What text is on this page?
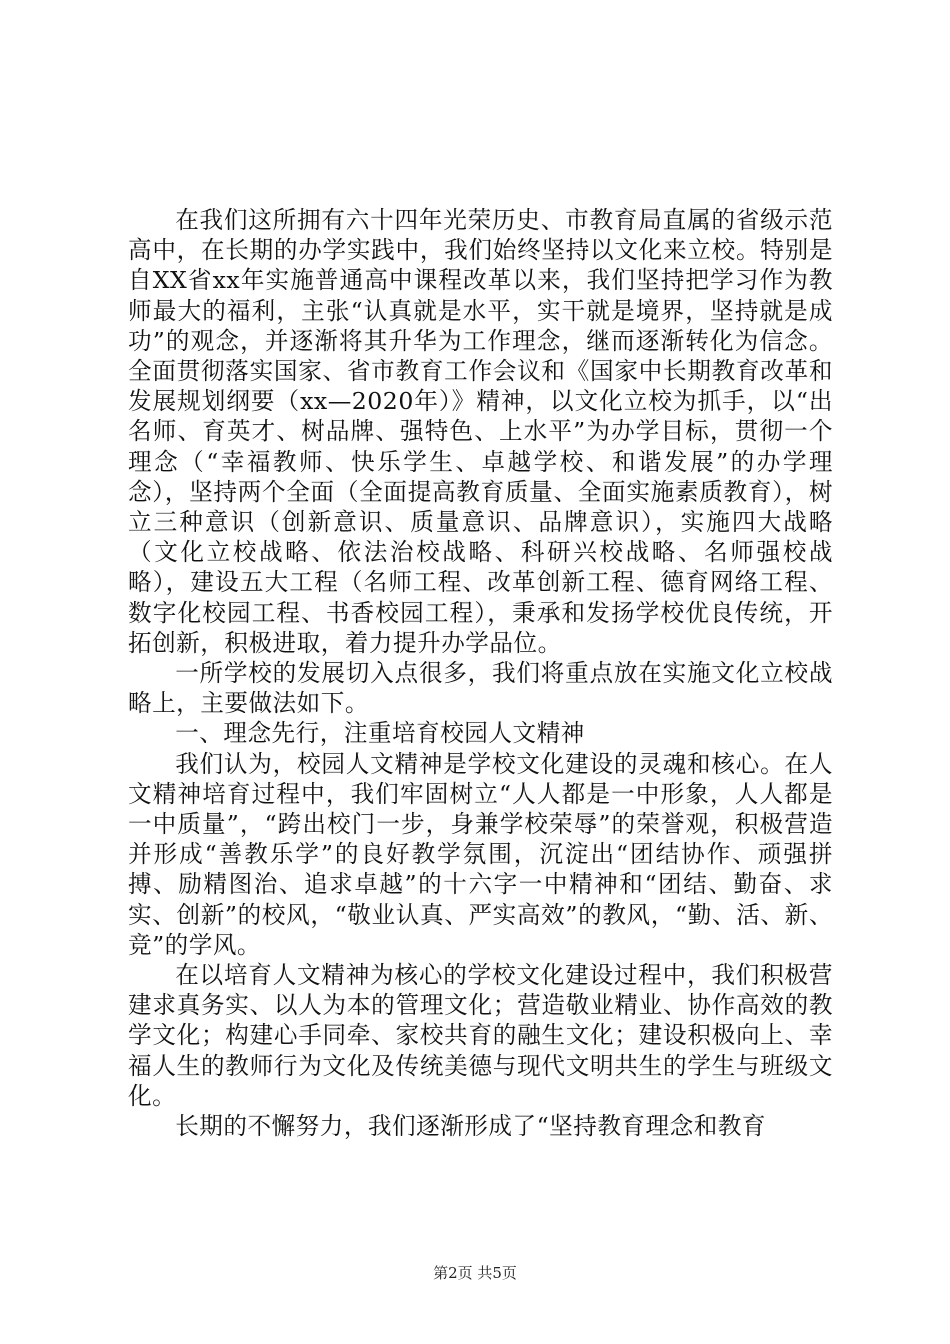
在我们这所拥有六十四年光荣历史、市教育局直属的省级示范高中，在长期的办学实践中，我们始终坚持以文化来立校。特别是自XX省xx年实施普通高中课程改革以来，我们坚持把学习作为教师最大的福利，主张“认真就是水平，实干就是境界，坚持就是成功”的观念，并逐渐将其升华为工作理念，继而逐渐转化为信念。全面贯彻落实国家、省市教育工作会议和《国家中长期教育改革和发展规划纲要（xx—2020年）》精神，以文化立校为抓手，以“出名师、育英才、树品牌、强特色、上水平”为办学目标，贯彻一个理念（“幸福教师、快乐学生、卓越学校、和谐发展”的办学理念），坚持两个全面（全面提高教育质量、全面实施素质教育），树立三种意识（创新意识、质量意识、品牌意识），实施四大战略（文化立校战略、依法治校战略、科研兴校战略、名师强校战略），建设五大工程（名师工程、改革创新工程、德育网络工程、数字化校园工程、书香校园工程），秉承和发扬学校优良传统，开拓创新，积极进取，着力提升办学品位。

一所学校的发展切入点很多，我们将重点放在实施文化立校战略上，主要做法如下。

一、理念先行，注重培育校园人文精神

我们认为，校园人文精神是学校文化建设的灵魂和核心。在人文精神培育过程中，我们牢固树立“人人都是一中形象，人人都是一中质量”，“跨出校门一步，身兼学校荣辱”的荣誉观，积极营造并形成“善教乐学”的良好教学氛围，沉淀出“团结协作、顽强拼搏、励精图治、追求卓越”的十六字一中精神和“团结、勤奋、求实、创新”的校风，“敬业认真、严实高效”的教风，“勤、活、新、竞”的学风。

在以培育人文精神为核心的学校文化建设过程中，我们积极营建求真务实、以人为本的管理文化；营造敬业精业、协作高效的教学文化；构建心手同牵、家校共育的融生文化；建设积极向上、幸福人生的教师行为文化及传统美德与现代文明共生的学生与班级文化。

长期的不懈努力，我们逐渐形成了“坚持教育理念和教育

第2页 共5页
